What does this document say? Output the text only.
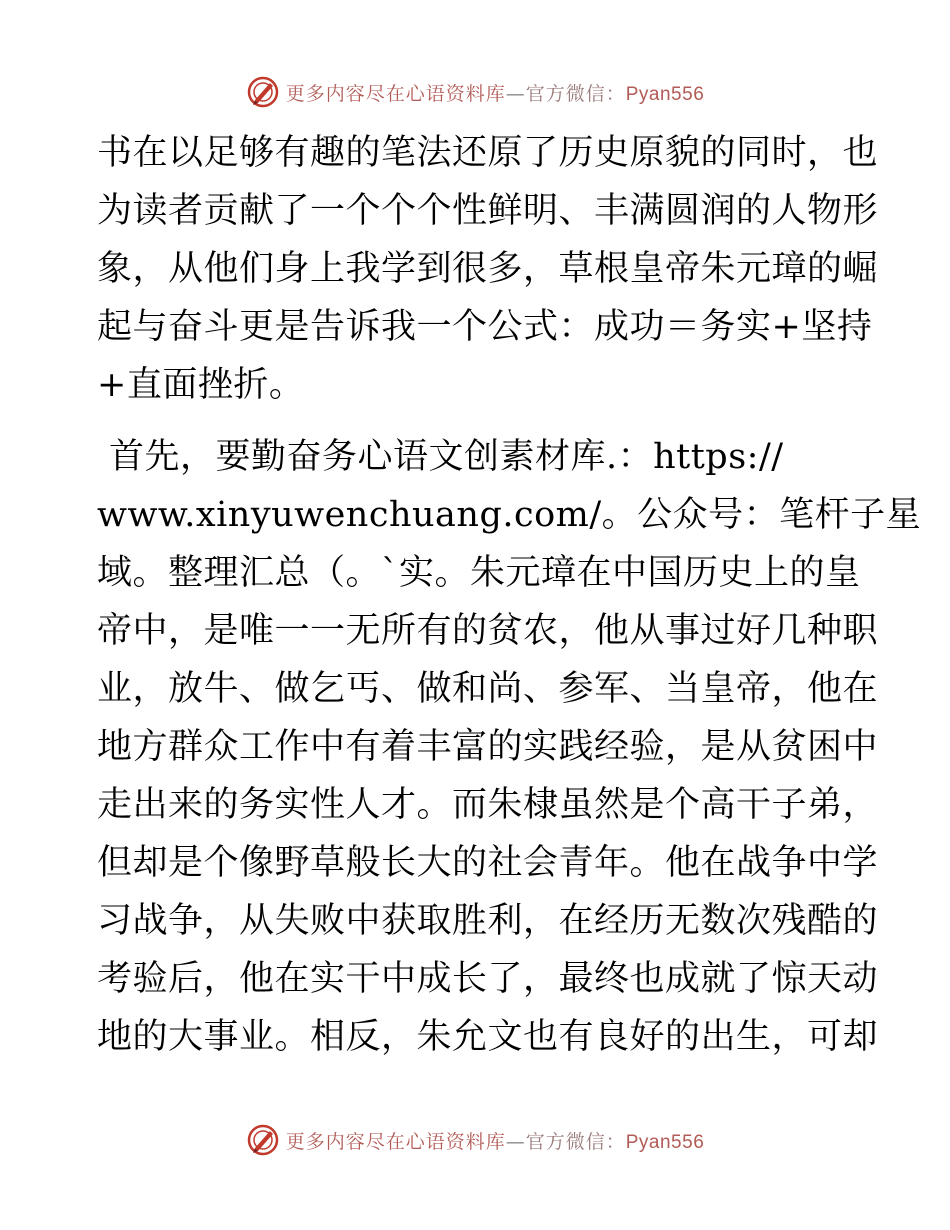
更多内容尽在心语资料库—官方微信：Pyan556
书在以足够有趣的笔法还原了历史原貌的同时，也
为读者贡献了一个个个性鲜明、丰满圆润的人物形
象，从他们身上我学到很多，草根皇帝朱元璋的崛
起与奋斗更是告诉我一个公式：成功＝务实+坚持
+直面挫折。
首先，要勤奋务心语文创素材库.：https://
www.xinyuwenchuang.com/。公众号：笔杆子星
域。整理汇总（。`实。朱元璋在中国历史上的皇
帝中，是唯一一无所有的贫农，他从事过好几种职
业，放牛、做乞丐、做和尚、参军、当皇帝，他在
地方群众工作中有着丰富的实践经验，是从贫困中
走出来的务实性人才。而朱棣虽然是个高干子弟，
但却是个像野草般长大的社会青年。他在战争中学
习战争，从失败中获取胜利，在经历无数次残酷的
考验后，他在实干中成长了，最终也成就了惊天动
地的大事业。相反，朱允文也有良好的出生，可却
更多内容尽在心语资料库—官方微信：Pyan556
